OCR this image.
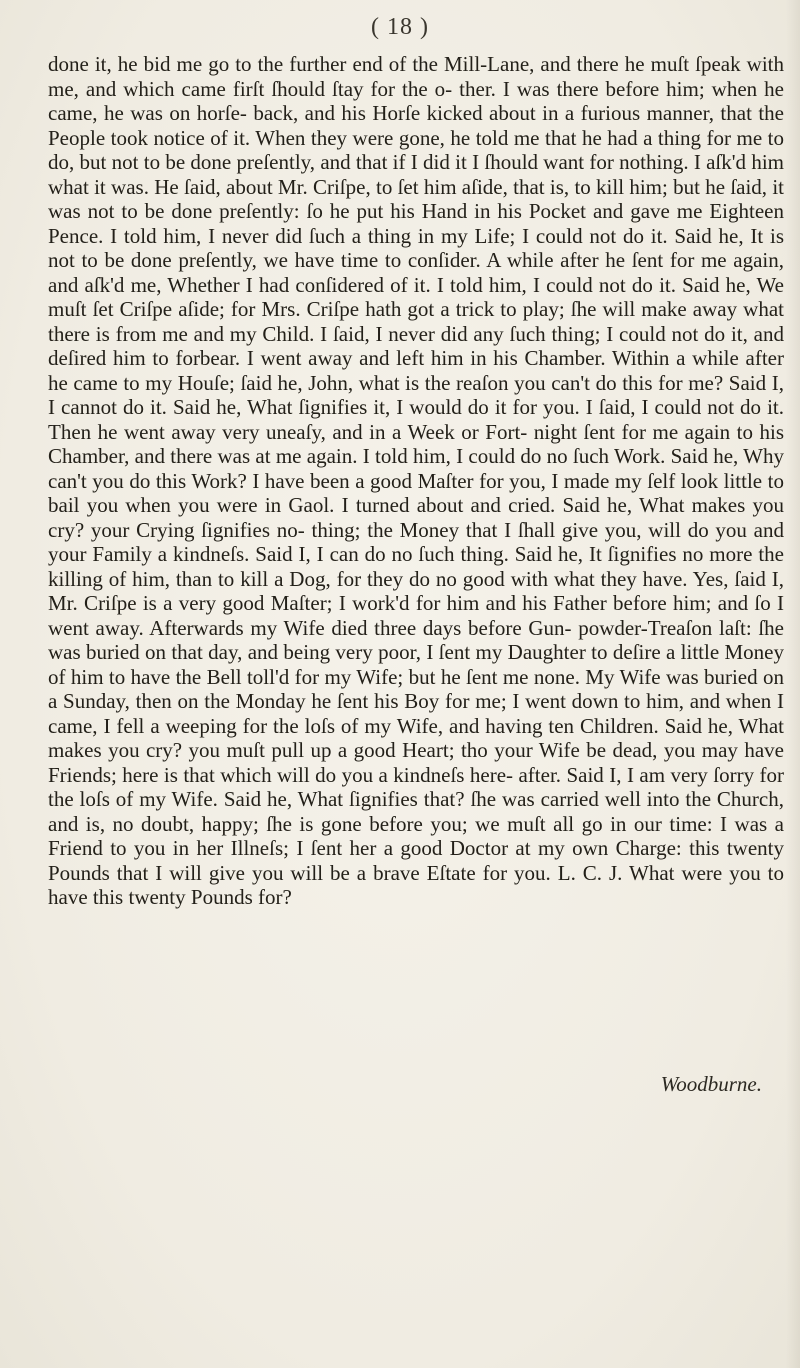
( 18 )

done it, he bid me go to the further end of the Mill-Lane, and there he muſt ſpeak with me, and which came firſt ſhould ſtay for the o- ther. I was there before him; when he came, he was on horſe- back, and his Horſe kicked about in a furious manner, that the People took notice of it. When they were gone, he told me that he had a thing for me to do, but not to be done preſently, and that if I did it I ſhould want for nothing. I aſk'd him what it was. He ſaid, about Mr. Criſpe, to ſet him aſide, that is, to kill him; but he ſaid, it was not to be done preſently: ſo he put his Hand in his Pocket and gave me Eighteen Pence. I told him, I never did ſuch a thing in my Life; I could not do it. Said he, It is not to be done preſently, we have time to conſider. A while after he ſent for me again, and aſk'd me, Whether I had conſidered of it. I told him, I could not do it. Said he, We muſt ſet Criſpe aſide; for Mrs. Criſpe hath got a trick to play; ſhe will make away what there is from me and my Child. I ſaid, I never did any ſuch thing; I could not do it, and deſired him to forbear. I went away and left him in his Chamber. Within a while after he came to my Houſe; ſaid he, John, what is the reaſon you can't do this for me? Said I, I cannot do it. Said he, What ſignifies it, I would do it for you. I ſaid, I could not do it. Then he went away very uneaſy, and in a Week or Fort- night ſent for me again to his Chamber, and there was at me again. I told him, I could do no ſuch Work. Said he, Why can't you do this Work? I have been a good Maſter for you, I made my ſelf look little to bail you when you were in Gaol. I turned about and cried. Said he, What makes you cry? your Crying ſignifies no- thing; the Money that I ſhall give you, will do you and your Family a kindneſs. Said I, I can do no ſuch thing. Said he, It ſignifies no more the killing of him, than to kill a Dog, for they do no good with what they have. Yes, ſaid I, Mr. Criſpe is a very good Maſter; I work'd for him and his Father before him; and ſo I went away. Afterwards my Wife died three days before Gun- powder-Treaſon laſt: ſhe was buried on that day, and being very poor, I ſent my Daughter to deſire a little Money of him to have the Bell toll'd for my Wife; but he ſent me none. My Wife was buried on a Sunday, then on the Monday he ſent his Boy for me; I went down to him, and when I came, I fell a weeping for the loſs of my Wife, and having ten Children. Said he, What makes you cry? you muſt pull up a good Heart; tho your Wife be dead, you may have Friends; here is that which will do you a kindneſs here- after. Said I, I am very ſorry for the loſs of my Wife. Said he, What ſignifies that? ſhe was carried well into the Church, and is, no doubt, happy; ſhe is gone before you; we muſt all go in our time: I was a Friend to you in her Illneſs; I ſent her a good Doctor at my own Charge: this twenty Pounds that I will give you will be a brave Eſtate for you. L. C. J. What were you to have this twenty Pounds for?

Woodburne.
